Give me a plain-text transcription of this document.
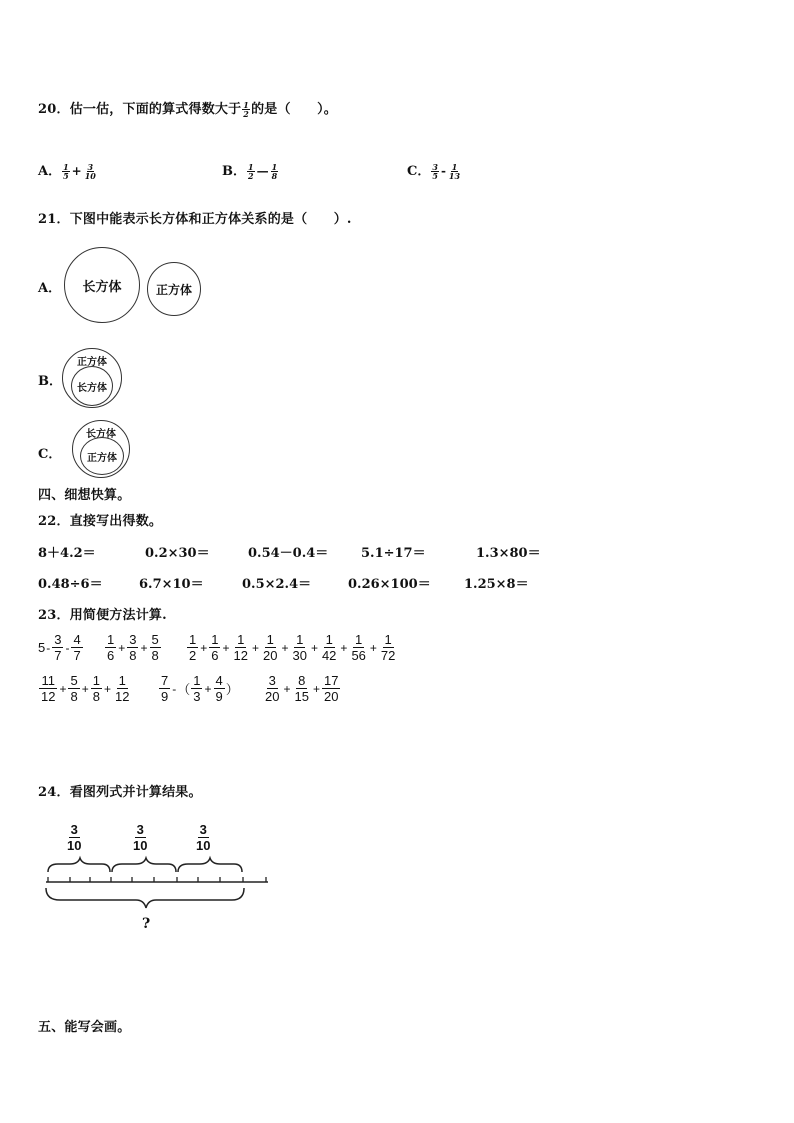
20．估一估，下面的算式得数大于 $\frac{1}{2}$ 的是（　　）。
A． $\frac{1}{5} + \frac{3}{10}$	B． $\frac{1}{2}$ — $\frac{1}{8}$	C． $\frac{3}{5} - \frac{1}{13}$
21．下图中能表示长方体和正方体关系的是（　　）.
A． 长方体	正方体
B．
正方体
长方体
C．
长方体
正方体
四、细想快算。
22．直接写出得数。
8＋4.2＝	0.2×30＝	0.54－0.4＝	5.1÷17＝	1.3×80＝
0.48÷6＝	6.7×10＝	0.5×2.4＝	0.26×100＝	1.25×8＝
23．用简便方法计算.
$5 - \frac{3}{7} - \frac{4}{7} \frac{1}{6} + \frac{3}{8} + \frac{5}{8} \frac{1}{2} + \frac{1}{6} + \frac{1}{12} + \frac{1}{20} + \frac{1}{30} + \frac{1}{42} + \frac{1}{56} + \frac{1}{72}$
$\frac{11}{12} + \frac{5}{8} + \frac{1}{8} + \frac{1}{12} \frac{7}{9}$ - （ $\frac{1}{3} + \frac{4}{9}$ ） $\frac{3}{20} + \frac{8}{15} + \frac{17}{20}$
24．看图列式并计算结果。
$\frac{3}{10}$	$\frac{3}{10}$	$\frac{3}{10}$
?
五、能写会画。
